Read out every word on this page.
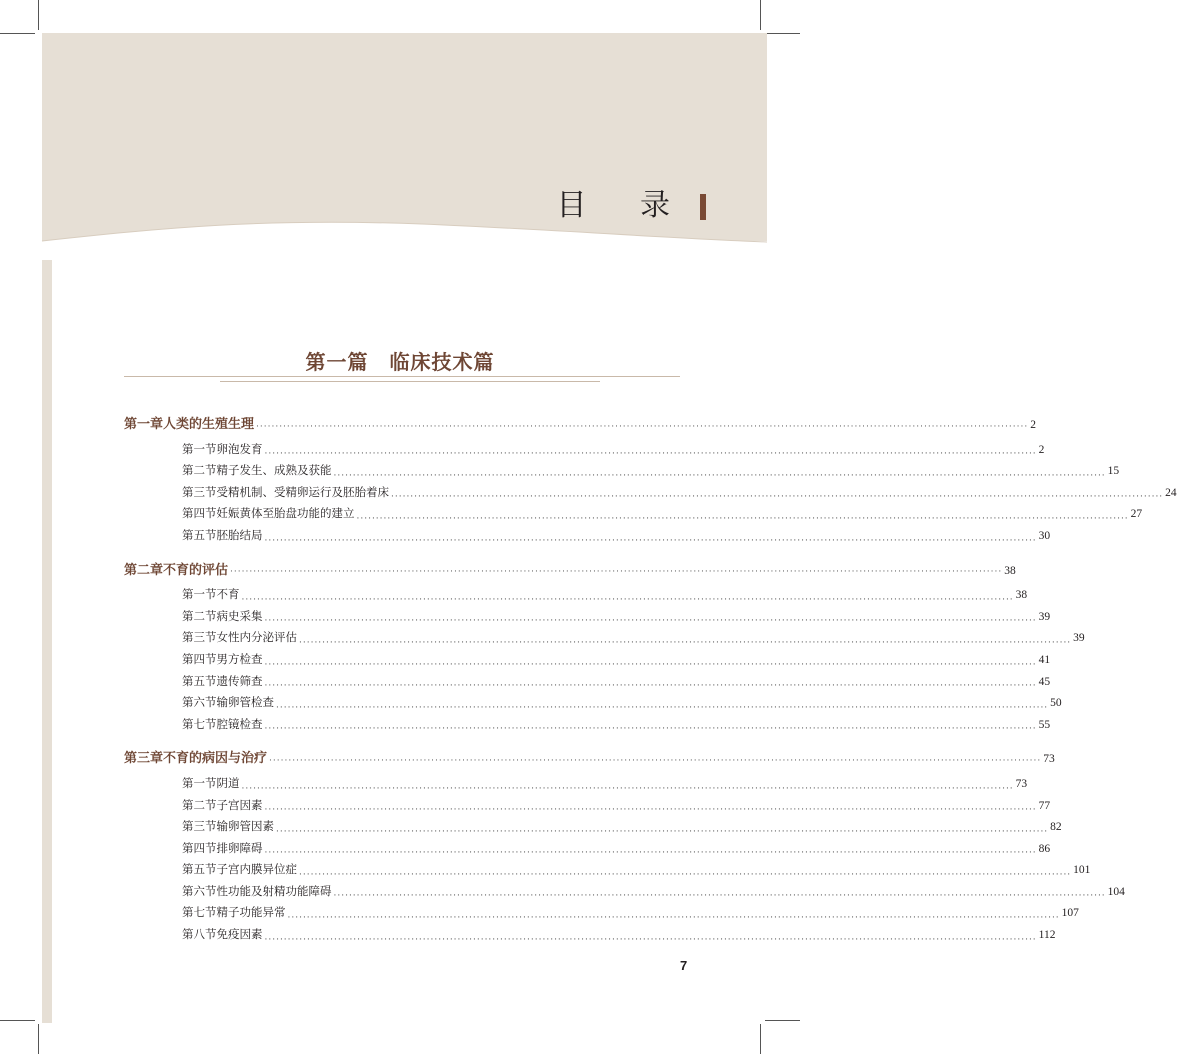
目 录
第一篇　临床技术篇
第一章 人类的生殖生理 ········································································································································································································ 2
第一节 卵泡发育 ········································································································································································································ 2
第二节 精子发生、成熟及获能 ········································································································································································································ 15
第三节 受精机制、受精卵运行及胚胎着床 ········································································································································································································ 24
第四节 妊娠黄体至胎盘功能的建立 ········································································································································································································ 27
第五节 胚胎结局 ········································································································································································································ 30
第二章 不育的评估 ········································································································································································································ 38
第一节 不育 ········································································································································································································ 38
第二节 病史采集 ········································································································································································································ 39
第三节 女性内分泌评估 ········································································································································································································ 39
第四节 男方检查 ········································································································································································································ 41
第五节 遗传筛查 ········································································································································································································ 45
第六节 输卵管检查 ········································································································································································································ 50
第七节 腔镜检查 ········································································································································································································ 55
第三章 不育的病因与治疗 ········································································································································································································ 73
第一节 阴道 ········································································································································································································ 73
第二节 子宫因素 ········································································································································································································ 77
第三节 输卵管因素 ········································································································································································································ 82
第四节 排卵障碍 ········································································································································································································ 86
第五节 子宫内膜异位症 ········································································································································································································ 101
第六节 性功能及射精功能障碍 ········································································································································································································ 104
第七节 精子功能异常 ········································································································································································································ 107
第八节 免疫因素 ········································································································································································································ 112
7
